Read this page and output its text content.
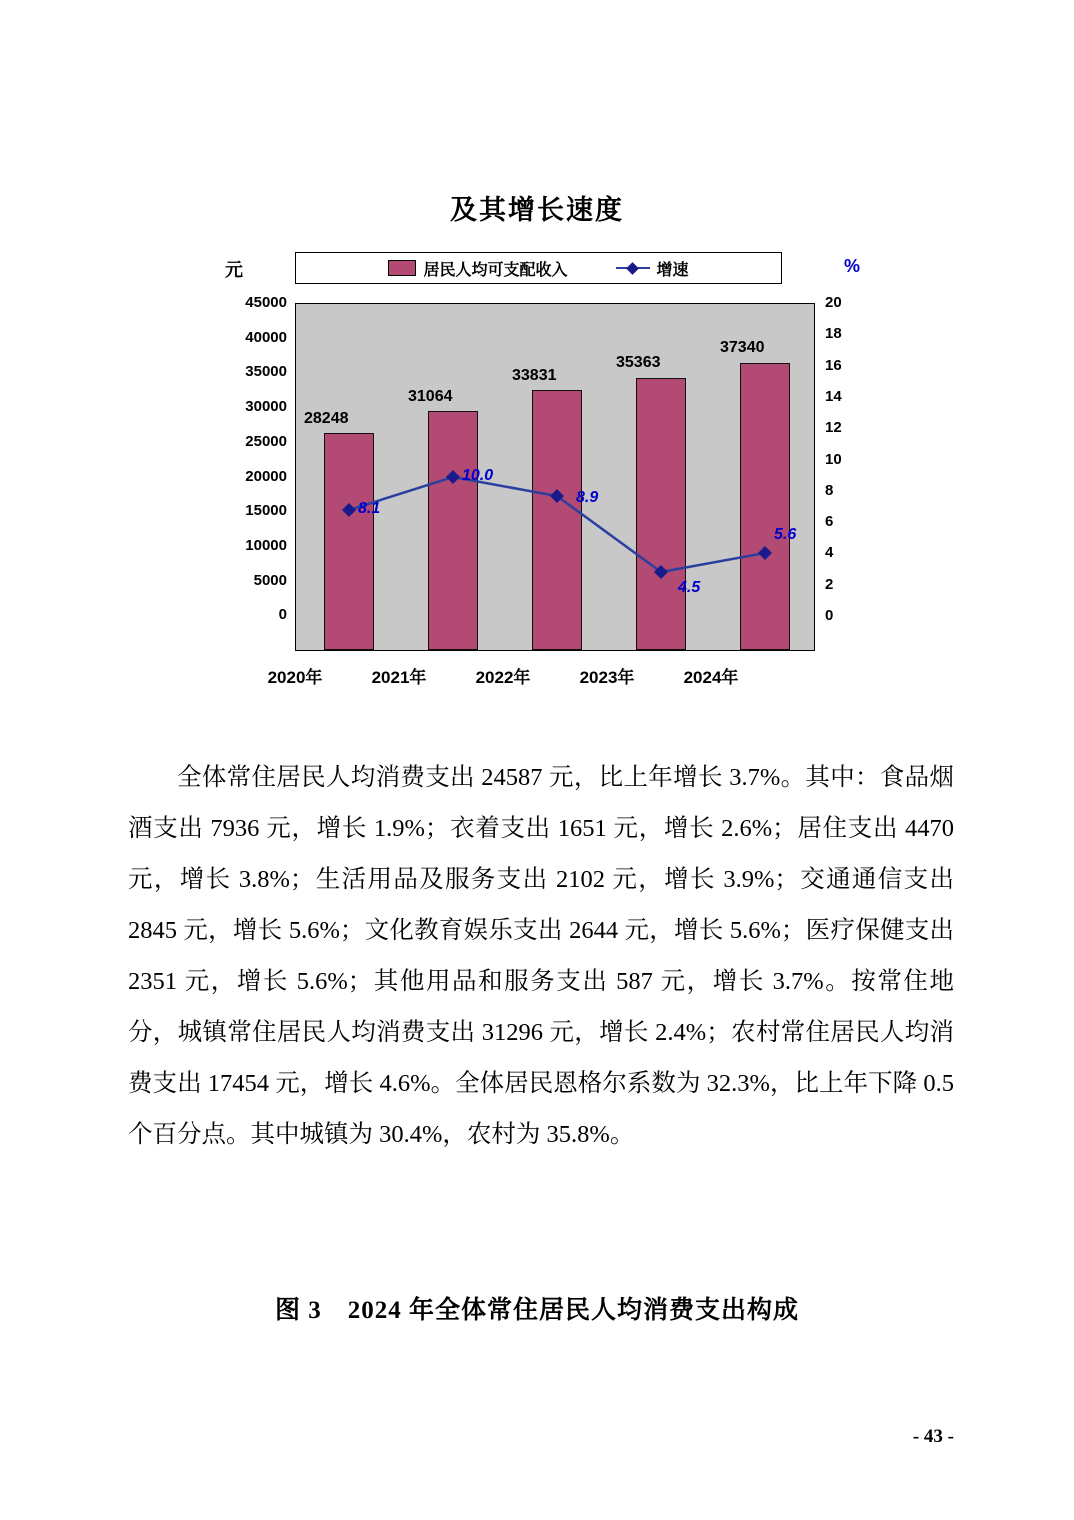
及其增长速度
元	%
居民人均可支配收入	增速
45000
40000
35000
30000
25000
20000
15000
10000
5000
0
20
18
16
14
12
10
8
6
4
2
0
28248
31064
33831
35363
37340
8.1
10.0
8.9
4.5
5.6
2020年	2021年	2022年	2023年	2024年
全体常住居民人均消费支出 24587 元，比上年增长 3.7%。其中：食品烟酒支出 7936 元，增长 1.9%；衣着支出 1651 元，增长 2.6%；居住支出 4470 元，增长 3.8%；生活用品及服务支出 2102 元，增长 3.9%；交通通信支出 2845 元，增长 5.6%；文化教育娱乐支出 2644 元，增长 5.6%；医疗保健支出 2351 元，增长 5.6%；其他用品和服务支出 587 元，增长 3.7%。按常住地分，城镇常住居民人均消费支出 31296 元，增长 2.4%；农村常住居民人均消费支出 17454 元，增长 4.6%。全体居民恩格尔系数为 32.3%，比上年下降 0.5 个百分点。其中城镇为 30.4%，农村为 35.8%。
图 3　2024 年全体常住居民人均消费支出构成
- 43 -
